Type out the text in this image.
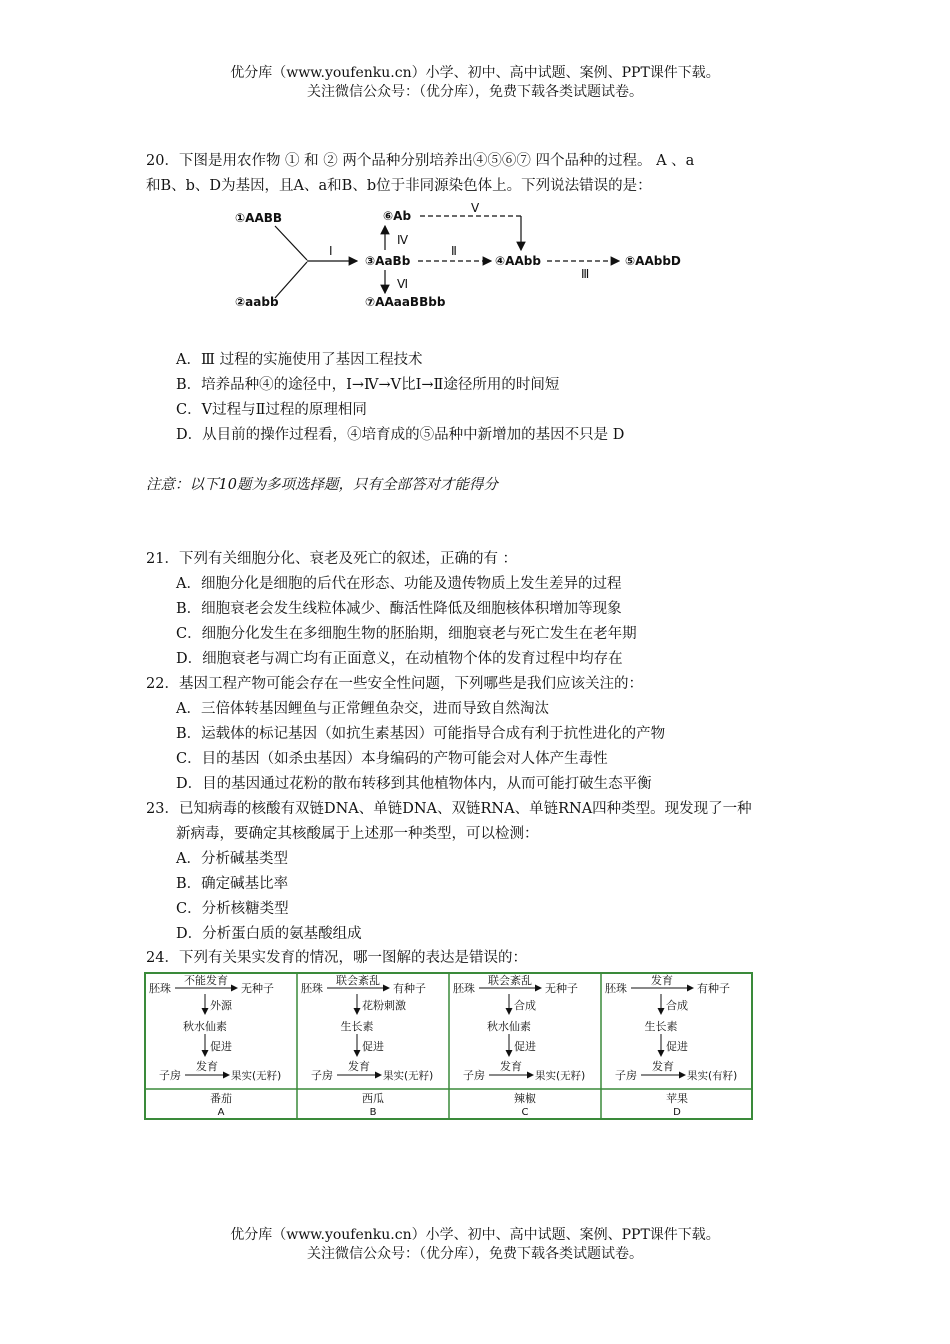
优分库（www.youfenku.cn）小学、初中、高中试题、案例、PPT课件下载。
关注微信公众号：（优分库），免费下载各类试题试卷。
20．下图是用农作物 ① 和 ② 两个品种分别培养出④⑤⑥⑦ 四个品种的过程。 A 、a
和B、b、D为基因，且A、a和B、b位于非同源染色体上。下列说法错误的是：
①AABB
②aabb
③AaBb	④AAbb	⑤AAbbD
⑥Ab
⑦AAaaBBbb
Ⅰ	Ⅱ
Ⅲ
Ⅳ
Ⅴ
Ⅵ
A．Ⅲ 过程的实施使用了基因工程技术
B．培养品种④的途径中，Ⅰ→Ⅳ→Ⅴ比Ⅰ→Ⅱ途径所用的时间短
C．Ⅴ过程与Ⅱ过程的原理相同
D．从目前的操作过程看，④培育成的⑤品种中新增加的基因不只是 D
注意：以下10题为多项选择题，只有全部答对才能得分
21．下列有关细胞分化、衰老及死亡的叙述，正确的有 ：
A．细胞分化是细胞的后代在形态、功能及遗传物质上发生差异的过程
B．细胞衰老会发生线粒体减少、酶活性降低及细胞核体积增加等现象
C．细胞分化发生在多细胞生物的胚胎期，细胞衰老与死亡发生在老年期
D．细胞衰老与凋亡均有正面意义，在动植物个体的发育过程中均存在
22．基因工程产物可能会存在一些安全性问题，下列哪些是我们应该关注的：
A．三倍体转基因鲤鱼与正常鲤鱼杂交，进而导致自然淘汰
B．运载体的标记基因（如抗生素基因）可能指导合成有利于抗性进化的产物
C．目的基因（如杀虫基因）本身编码的产物可能会对人体产生毒性
D．目的基因通过花粉的散布转移到其他植物体内，从而可能打破生态平衡
23．已知病毒的核酸有双链DNA、单链DNA、双链RNA、单链RNA四种类型。现发现了一种
新病毒，要确定其核酸属于上述那一种类型，可以检测：
A．分析碱基类型
B．确定碱基比率
C．分析核糖类型
D．分析蛋白质的氨基酸组成
24．下列有关果实发育的情况，哪一图解的表达是错误的：
胚珠
不能发育
无种子
外源
秋水仙素
促进
子房
发育
果实(无籽)
番茄
A
胚珠
联会紊乱
有种子
花粉刺激
生长素
促进
子房
发育
果实(无籽)
西瓜
B
胚珠
联会紊乱
无种子
合成
秋水仙素
促进
子房
发育
果实(无籽)
辣椒
C
胚珠
发育
有种子
合成
生长素
促进
子房
发育
果实(有籽)
苹果
D
优分库（www.youfenku.cn）小学、初中、高中试题、案例、PPT课件下载。
关注微信公众号：（优分库），免费下载各类试题试卷。
